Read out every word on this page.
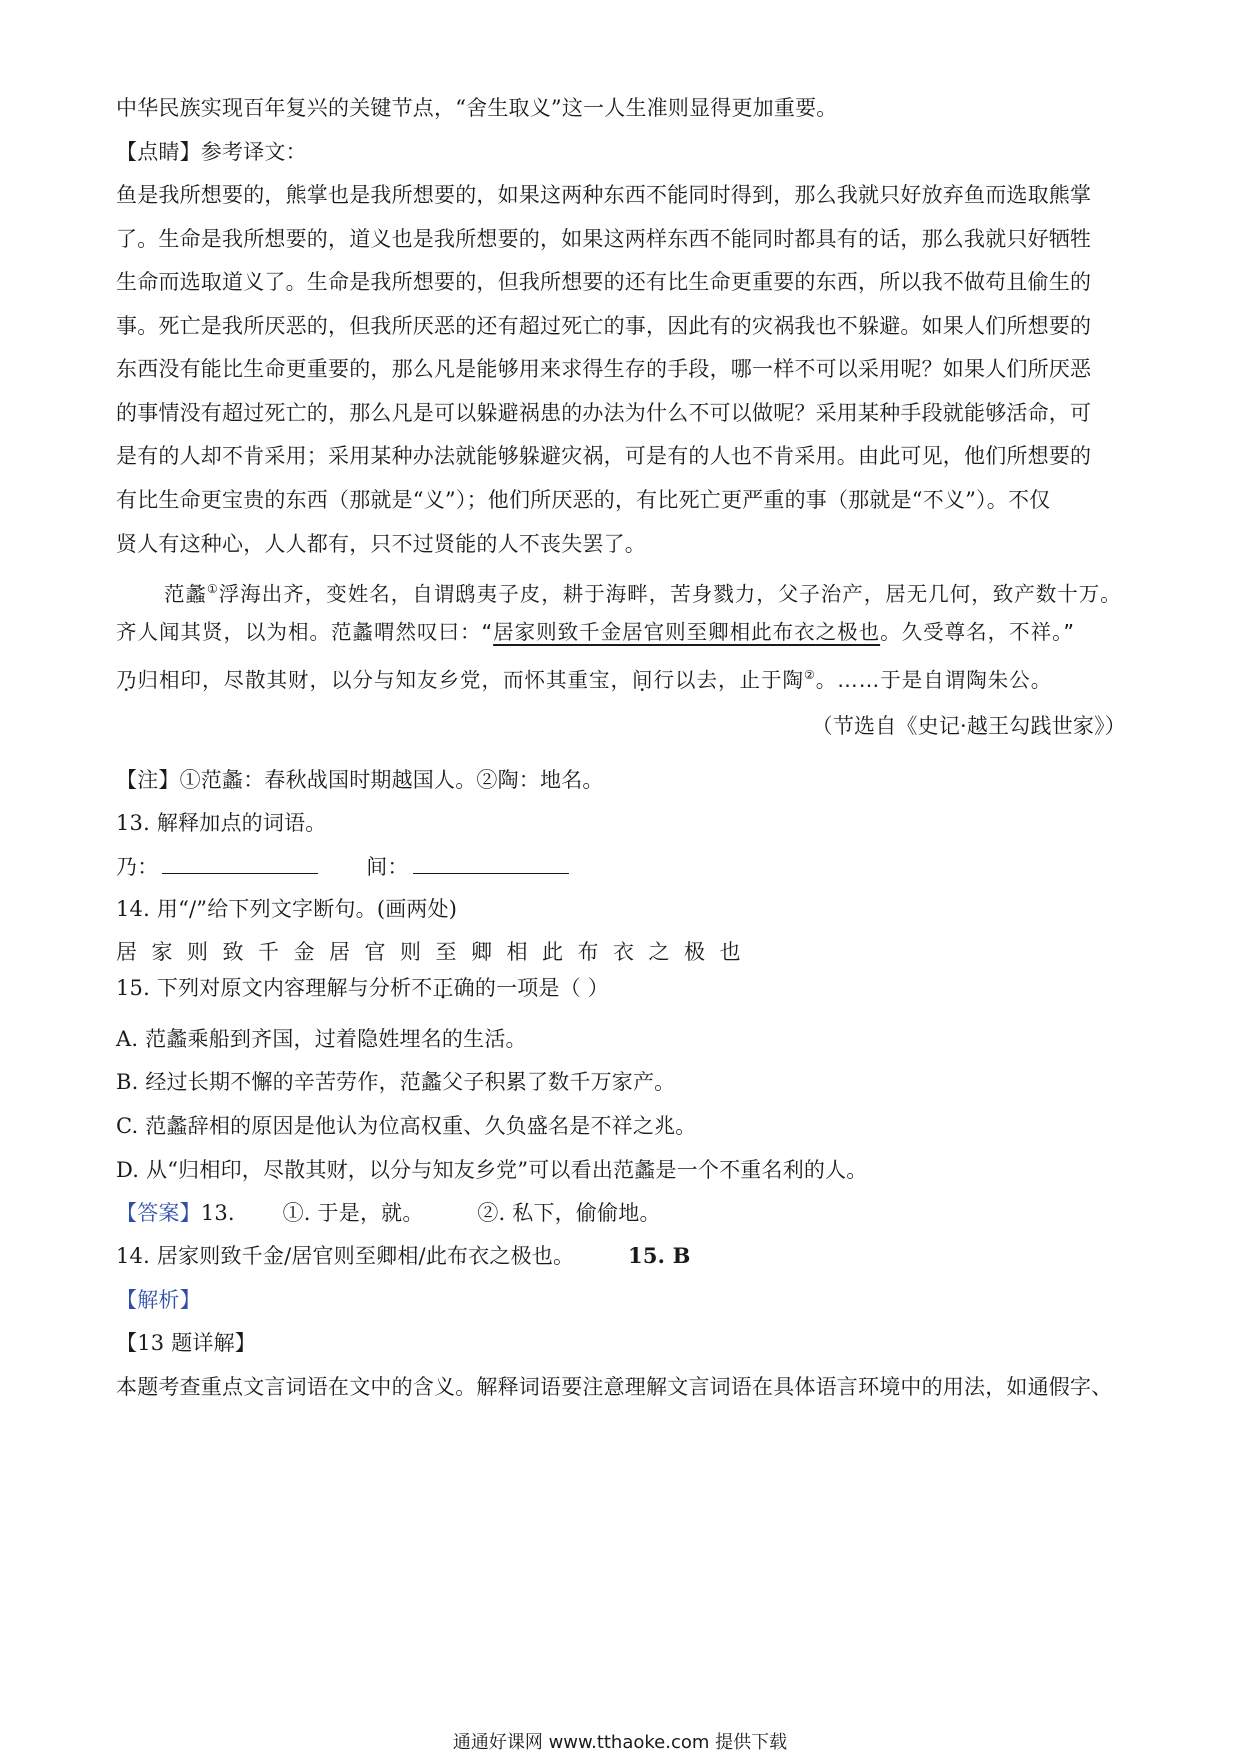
中华民族实现百年复兴的关键节点，“舍生取义”这一人生准则显得更加重要。
【点睛】参考译文：
鱼是我所想要的，熊掌也是我所想要的，如果这两种东西不能同时得到，那么我就只好放弃鱼而选取熊掌
了。生命是我所想要的，道义也是我所想要的，如果这两样东西不能同时都具有的话，那么我就只好牺牲
生命而选取道义了。生命是我所想要的，但我所想要的还有比生命更重要的东西，所以我不做苟且偷生的
事。死亡是我所厌恶的，但我所厌恶的还有超过死亡的事，因此有的灾祸我也不躲避。如果人们所想要的
东西没有能比生命更重要的，那么凡是能够用来求得生存的手段，哪一样不可以采用呢？如果人们所厌恶
的事情没有超过死亡的，那么凡是可以躲避祸患的办法为什么不可以做呢？采用某种手段就能够活命，可
是有的人却不肯采用；采用某种办法就能够躲避灾祸，可是有的人也不肯采用。由此可见，他们所想要的
有比生命更宝贵的东西（那就是“义”）；他们所厌恶的，有比死亡更严重的事（那就是“不义”）。不仅
贤人有这种心，人人都有，只不过贤能的人不丧失罢了。
范蠡①浮海出齐，变姓名，自谓鸱夷子皮，耕于海畔，苦身戮力，父子治产，居无几何，致产数十万。
齐人闻其贤，以为相。范蠡喟然叹曰：“居家则致千金居官则至卿相此布衣之极也。久受尊名，不祥。”
乃归相印，尽散其财，以分与知友乡党，而怀其重宝，间行以去，止于陶②。……于是自谓陶朱公。
（节选自《史记·越王勾践世家》）
【注】①范蠡：春秋战国时期越国人。②陶：地名。
13. 解释加点的词语。
乃：	间：
14. 用“/”给下列文字断句。(画两处)
居家则致千金居官则至卿相此布衣之极也
15. 下列对原文内容理解与分析不正确的一项是（ ）
A. 范蠡乘船到齐国，过着隐姓埋名的生活。
B. 经过长期不懈的辛苦劳作，范蠡父子积累了数千万家产。
C. 范蠡辞相的原因是他认为位高权重、久负盛名是不祥之兆。
D. 从“归相印，尽散其财，以分与知友乡党”可以看出范蠡是一个不重名利的人。
【答案】13. ①. 于是，就。	②. 私下，偷偷地。
14. 居家则致千金/居官则至卿相/此布衣之极也。	15. B
【解析】
【13 题详解】
本题考查重点文言词语在文中的含义。解释词语要注意理解文言词语在具体语言环境中的用法，如通假字、
通通好课网 www.tthaoke.com 提供下载
